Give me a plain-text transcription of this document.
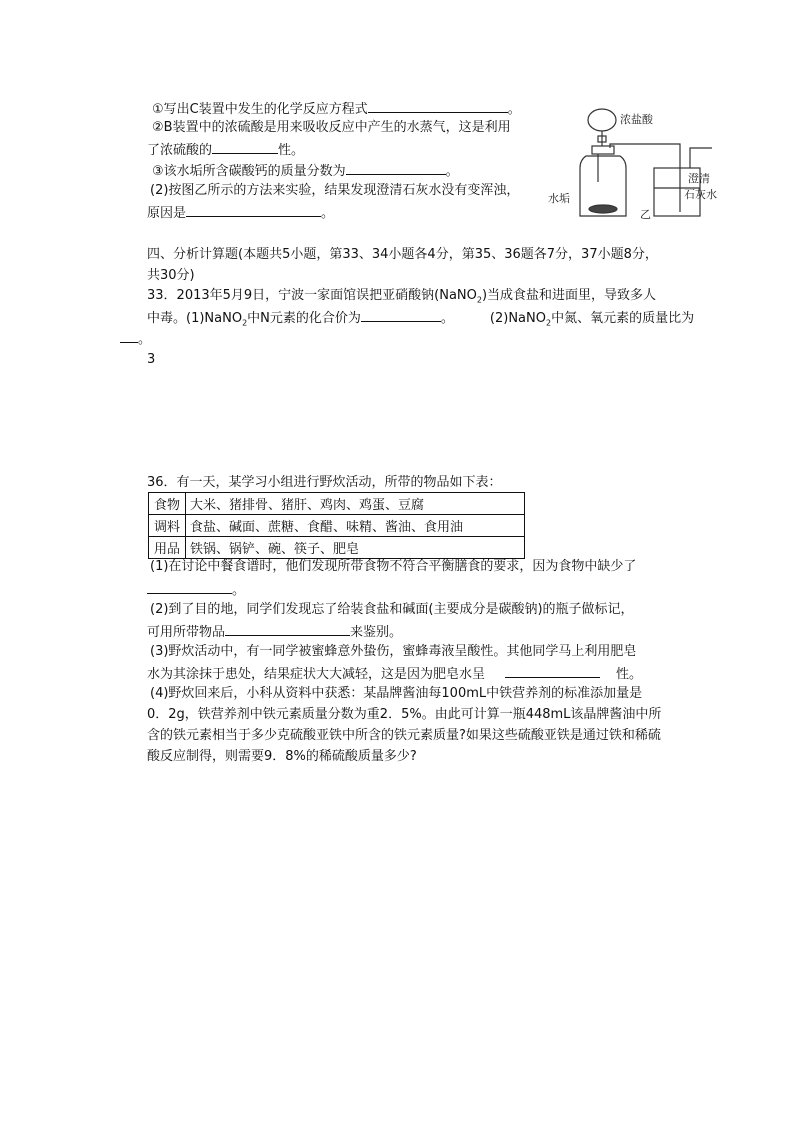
①写出C装置中发生的化学反应方程式	。
②B装置中的浓硫酸是用来吸收反应中产生的水蒸气，这是利用
了浓硫酸的	性。
③该水垢所含碳酸钙的质量分数为	。
(2)按图乙所示的方法来实验，结果发现澄清石灰水没有变浑浊，
原因是	。
浓盐酸
水垢
澄清
石灰水
乙
四、分析计算题(本题共5小题，第33、34小题各4分，第35、36题各7分，37小题8分，
共30分)
33．2013年5月9日，宁波一家面馆误把亚硝酸钠(NaNO$_2$)当成食盐和进面里，导致多人
中毒。(1)NaNO$_2$中N元素的化合价为	。	(2)NaNO$_2$中氮、氧元素的质量比为
。
3
36．有一天，某学习小组进行野炊活动，所带的物品如下表：
食物	大米、猪排骨、猪肝、鸡肉、鸡蛋、豆腐
调料	食盐、碱面、蔗糖、食醋、味精、酱油、食用油
用品	铁锅、锅铲、碗、筷子、肥皂
(1)在讨论中餐食谱时，他们发现所带食物不符合平衡膳食的要求，因为食物中缺少了
。
(2)到了目的地，同学们发现忘了给装食盐和碱面(主要成分是碳酸钠)的瓶子做标记，
可用所带物品	来鉴别。
(3)野炊活动中，有一同学被蜜蜂意外蛰伤，蜜蜂毒液呈酸性。其他同学马上利用肥皂
水为其涂抹于患处，结果症状大大减轻，这是因为肥皂水呈	性。
(4)野炊回来后，小科从资料中获悉：某晶牌酱油每100mL中铁营养剂的标准添加量是
0．2g，铁营养剂中铁元素质量分数为重2．5%。由此可计算一瓶448mL该晶牌酱油中所
含的铁元素相当于多少克硫酸亚铁中所含的铁元素质量?如果这些硫酸亚铁是通过铁和稀硫
酸反应制得，则需要9．8%的稀硫酸质量多少?
